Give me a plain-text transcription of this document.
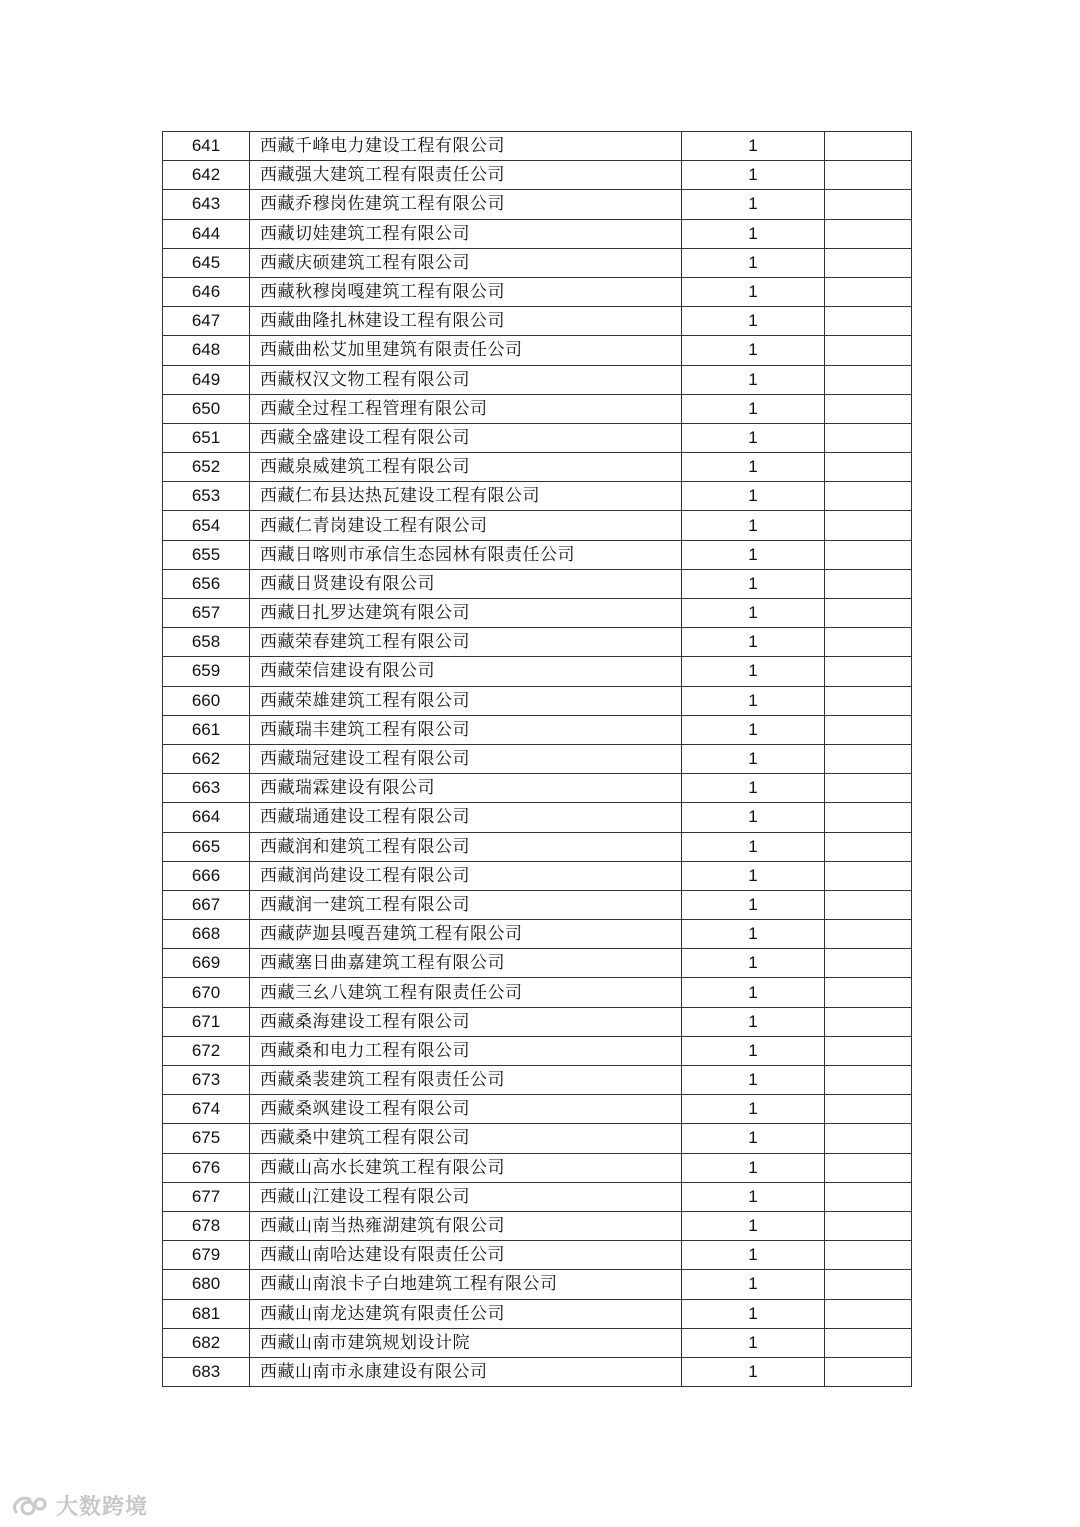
641	西藏千峰电力建设工程有限公司	1	
642	西藏强大建筑工程有限责任公司	1	
643	西藏乔穆岗佐建筑工程有限公司	1	
644	西藏切娃建筑工程有限公司	1	
645	西藏庆硕建筑工程有限公司	1	
646	西藏秋穆岗嘎建筑工程有限公司	1	
647	西藏曲隆扎林建设工程有限公司	1	
648	西藏曲松艾加里建筑有限责任公司	1	
649	西藏权汉文物工程有限公司	1	
650	西藏全过程工程管理有限公司	1	
651	西藏全盛建设工程有限公司	1	
652	西藏泉威建筑工程有限公司	1	
653	西藏仁布县达热瓦建设工程有限公司	1	
654	西藏仁青岗建设工程有限公司	1	
655	西藏日喀则市承信生态园林有限责任公司	1	
656	西藏日贤建设有限公司	1	
657	西藏日扎罗达建筑有限公司	1	
658	西藏荣春建筑工程有限公司	1	
659	西藏荣信建设有限公司	1	
660	西藏荣雄建筑工程有限公司	1	
661	西藏瑞丰建筑工程有限公司	1	
662	西藏瑞冠建设工程有限公司	1	
663	西藏瑞霖建设有限公司	1	
664	西藏瑞通建设工程有限公司	1	
665	西藏润和建筑工程有限公司	1	
666	西藏润尚建设工程有限公司	1	
667	西藏润一建筑工程有限公司	1	
668	西藏萨迦县嘎吾建筑工程有限公司	1	
669	西藏塞日曲嘉建筑工程有限公司	1	
670	西藏三幺八建筑工程有限责任公司	1	
671	西藏桑海建设工程有限公司	1	
672	西藏桑和电力工程有限公司	1	
673	西藏桑裴建筑工程有限责任公司	1	
674	西藏桑飒建设工程有限公司	1	
675	西藏桑中建筑工程有限公司	1	
676	西藏山高水长建筑工程有限公司	1	
677	西藏山江建设工程有限公司	1	
678	西藏山南当热雍湖建筑有限公司	1	
679	西藏山南哈达建设有限责任公司	1	
680	西藏山南浪卡子白地建筑工程有限公司	1	
681	西藏山南龙达建筑有限责任公司	1	
682	西藏山南市建筑规划设计院	1	
683	西藏山南市永康建设有限公司	1	
大数跨境
